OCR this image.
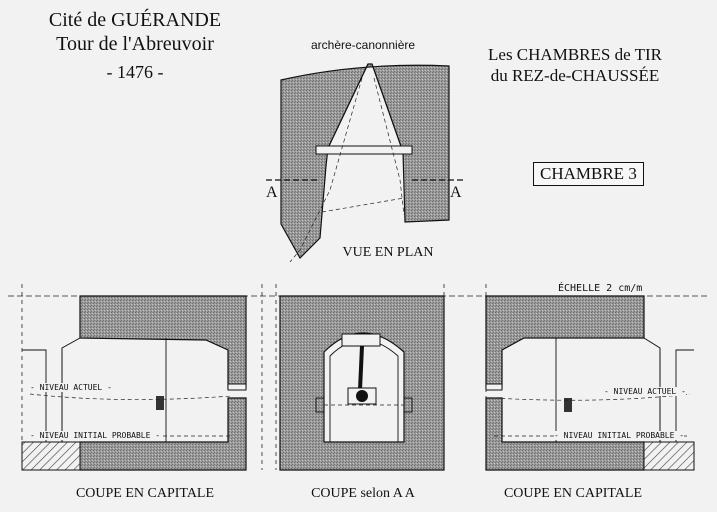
Cité de GUÉRANDE
Tour de l'Abreuvoir
- 1476 -
Les CHAMBRES de TIR
du REZ-de-CHAUSSÉE
CHAMBRE 3
archère-canonnière
A	A
VUE EN PLAN
ÉCHELLE 2 cm/m
- NIVEAU ACTUEL -
- NIVEAU INITIAL PROBABLE -
- NIVEAU ACTUEL -
- NIVEAU INITIAL PROBABLE -
COUPE EN CAPITALE	COUPE selon A A	COUPE EN CAPITALE
